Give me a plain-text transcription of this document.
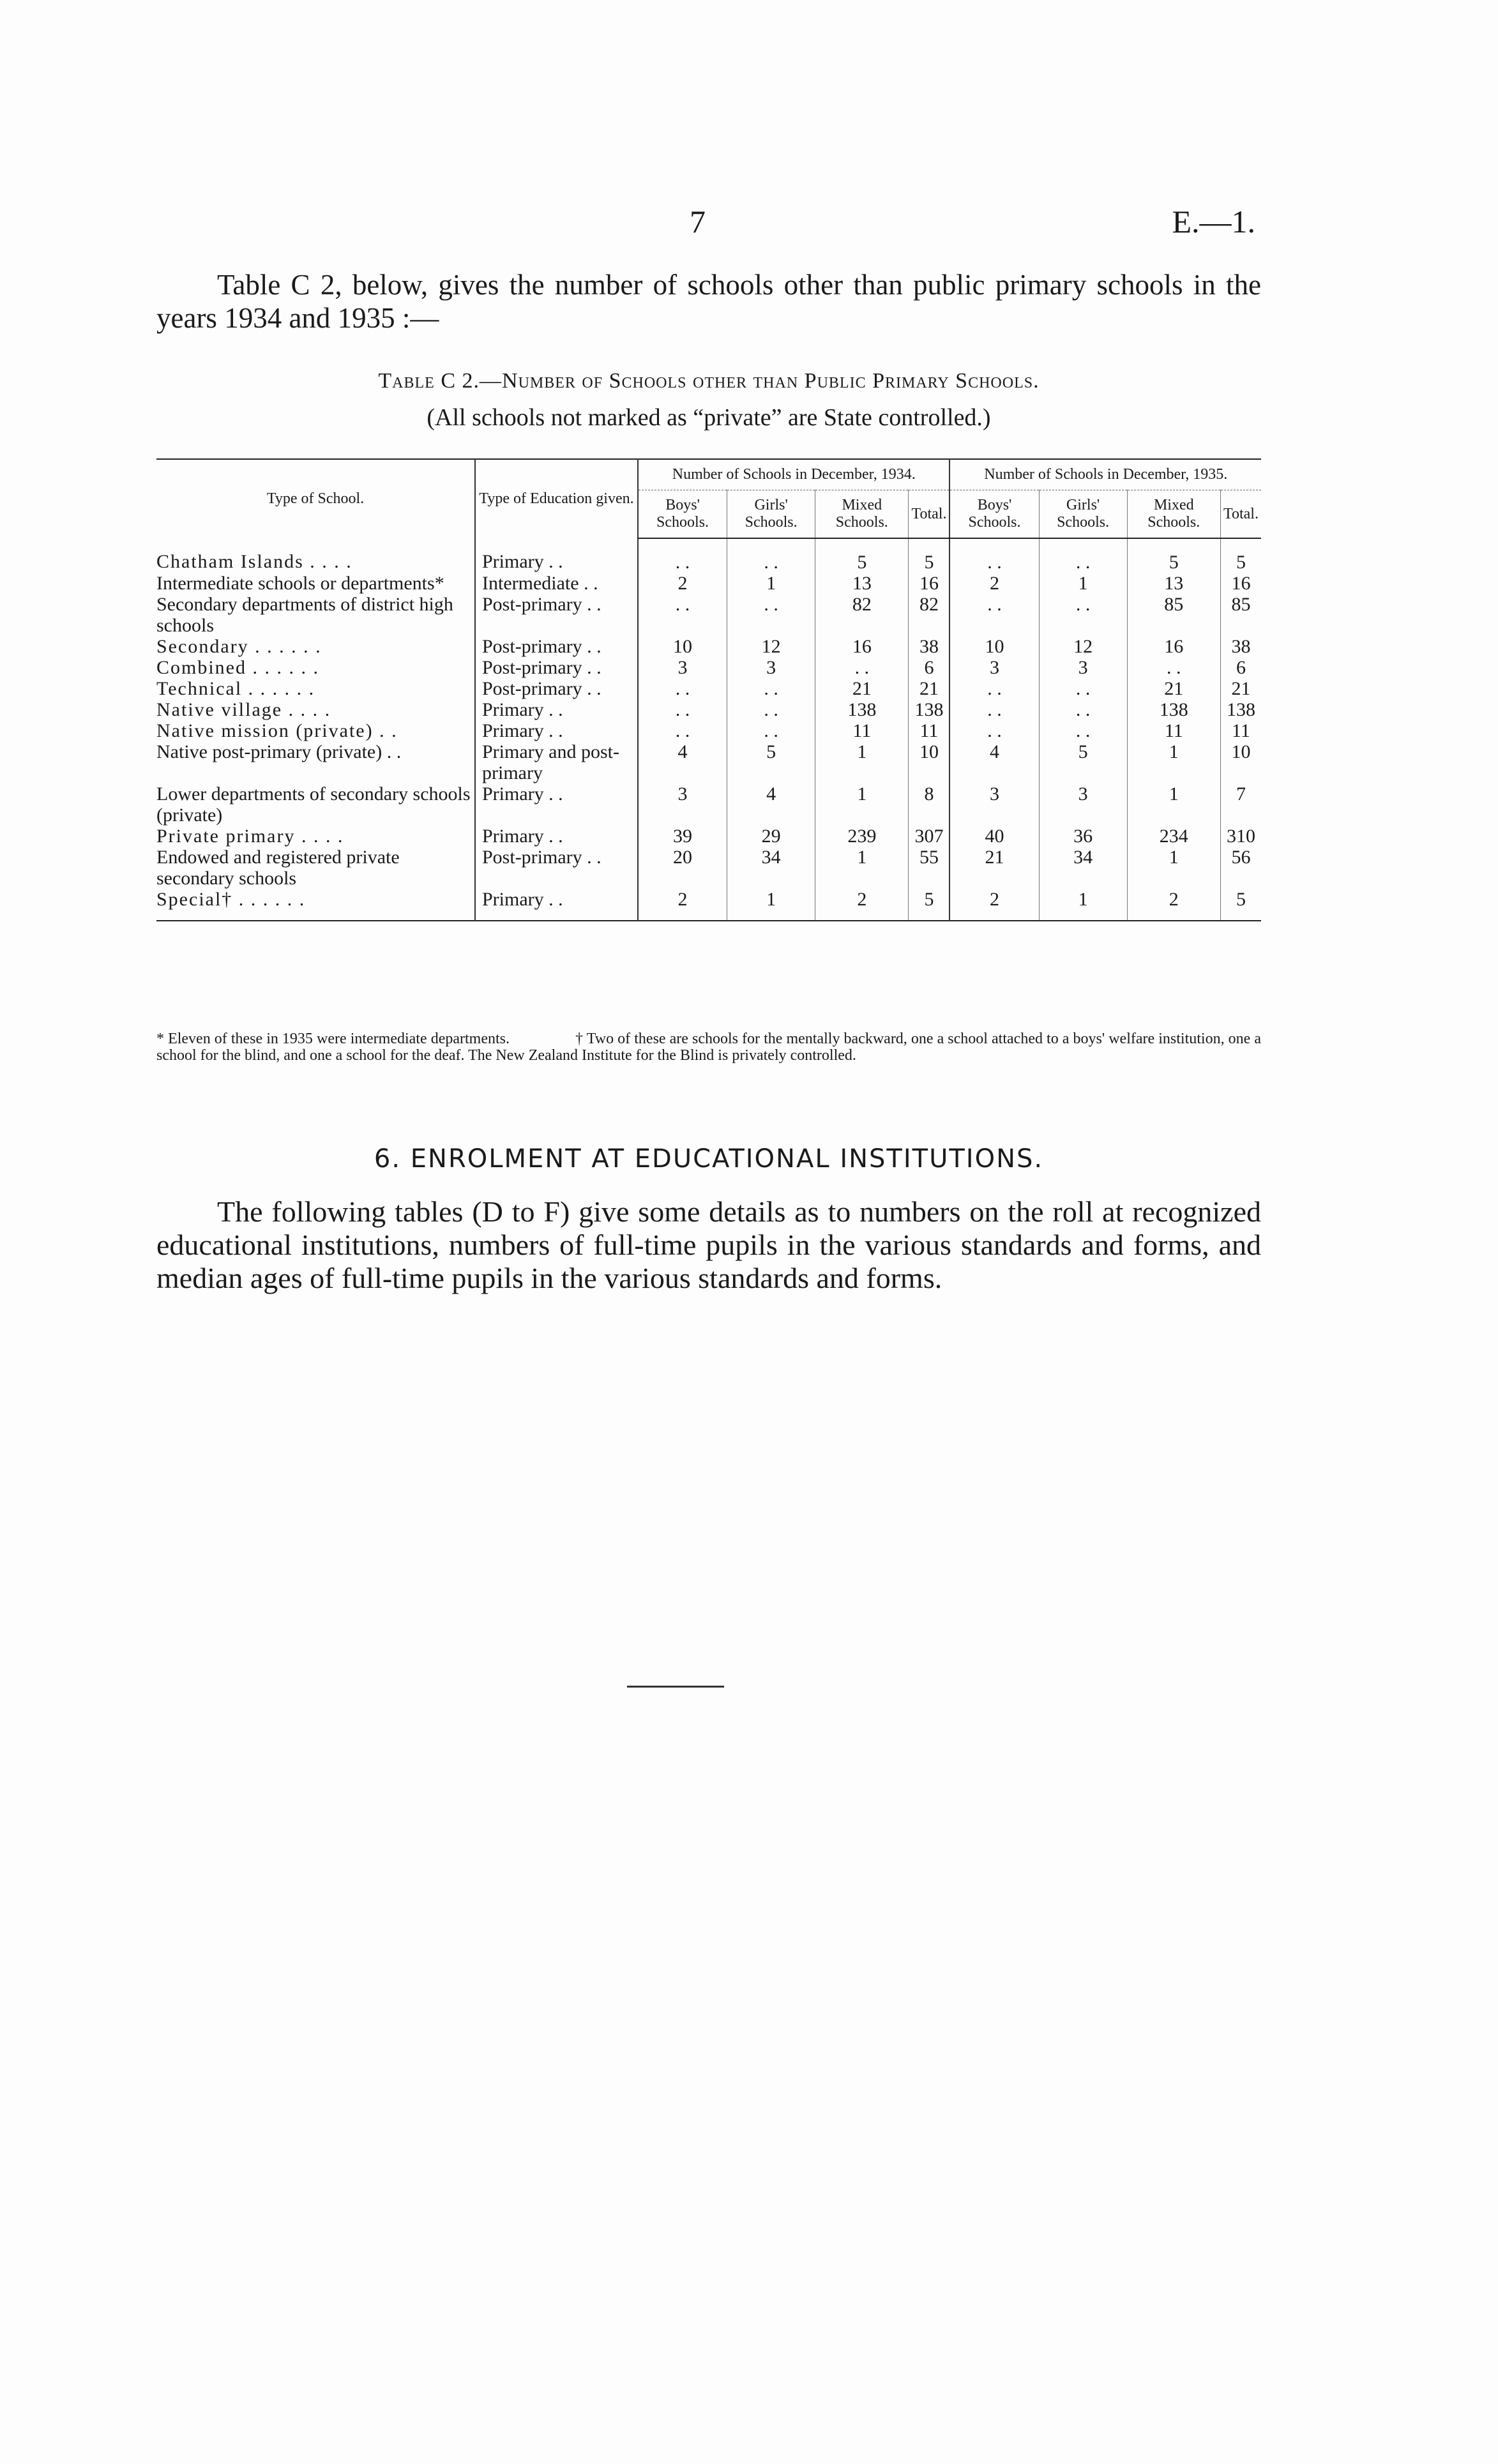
7	E.—1.

Table C 2, below, gives the number of schools other than public primary schools in the years 1934 and 1935 :—

Table C 2.—Number of Schools other than Public Primary Schools.
(All schools not marked as “private” are State controlled.)
Type of School.	Type of Education given.	Number of Schools in December, 1934.				Number of Schools in December, 1935.			
		Boys' Schools.	Girls' Schools.	Mixed Schools.	Total.	Boys' Schools.	Girls' Schools.	Mixed Schools.	Total.
Chatham Islands . . . .	Primary . .	. .	. .	5	5	. .	. .	5	5
Intermediate schools or departments*	Intermediate . .	2	1	13	16	2	1	13	16
Secondary departments of district high schools	Post-primary . .	. .	. .	82	82	. .	. .	85	85
Secondary . . . . . .	Post-primary . .	10	12	16	38	10	12	16	38
Combined . . . . . .	Post-primary . .	3	3	. .	6	3	3	. .	6
Technical . . . . . .	Post-primary . .	. .	. .	21	21	. .	. .	21	21
Native village . . . .	Primary . .	. .	. .	138	138	. .	. .	138	138
Native mission (private) . .	Primary . .	. .	. .	11	11	. .	. .	11	11
Native post-primary (private) . .	Primary and post-primary	4	5	1	10	4	5	1	10
Lower departments of secondary schools (private)	Primary . .	3	4	1	8	3	3	1	7
Private primary . . . .	Primary . .	39	29	239	307	40	36	234	310
Endowed and registered private secondary schools	Post-primary . .	20	34	1	55	21	34	1	56
Special† . . . . . .	Primary . .	2	1	2	5	2	1	2	5
* Eleven of these in 1935 were intermediate departments.	† Two of these are schools for the mentally backward, one a school attached to a boys' welfare institution, one a school for the blind, and one a school for the deaf. The New Zealand Institute for the Blind is privately controlled.
6. ENROLMENT AT EDUCATIONAL INSTITUTIONS.

The following tables (D to F) give some details as to numbers on the roll at recognized educational institutions, numbers of full-time pupils in the various standards and forms, and median ages of full-time pupils in the various standards and forms.
